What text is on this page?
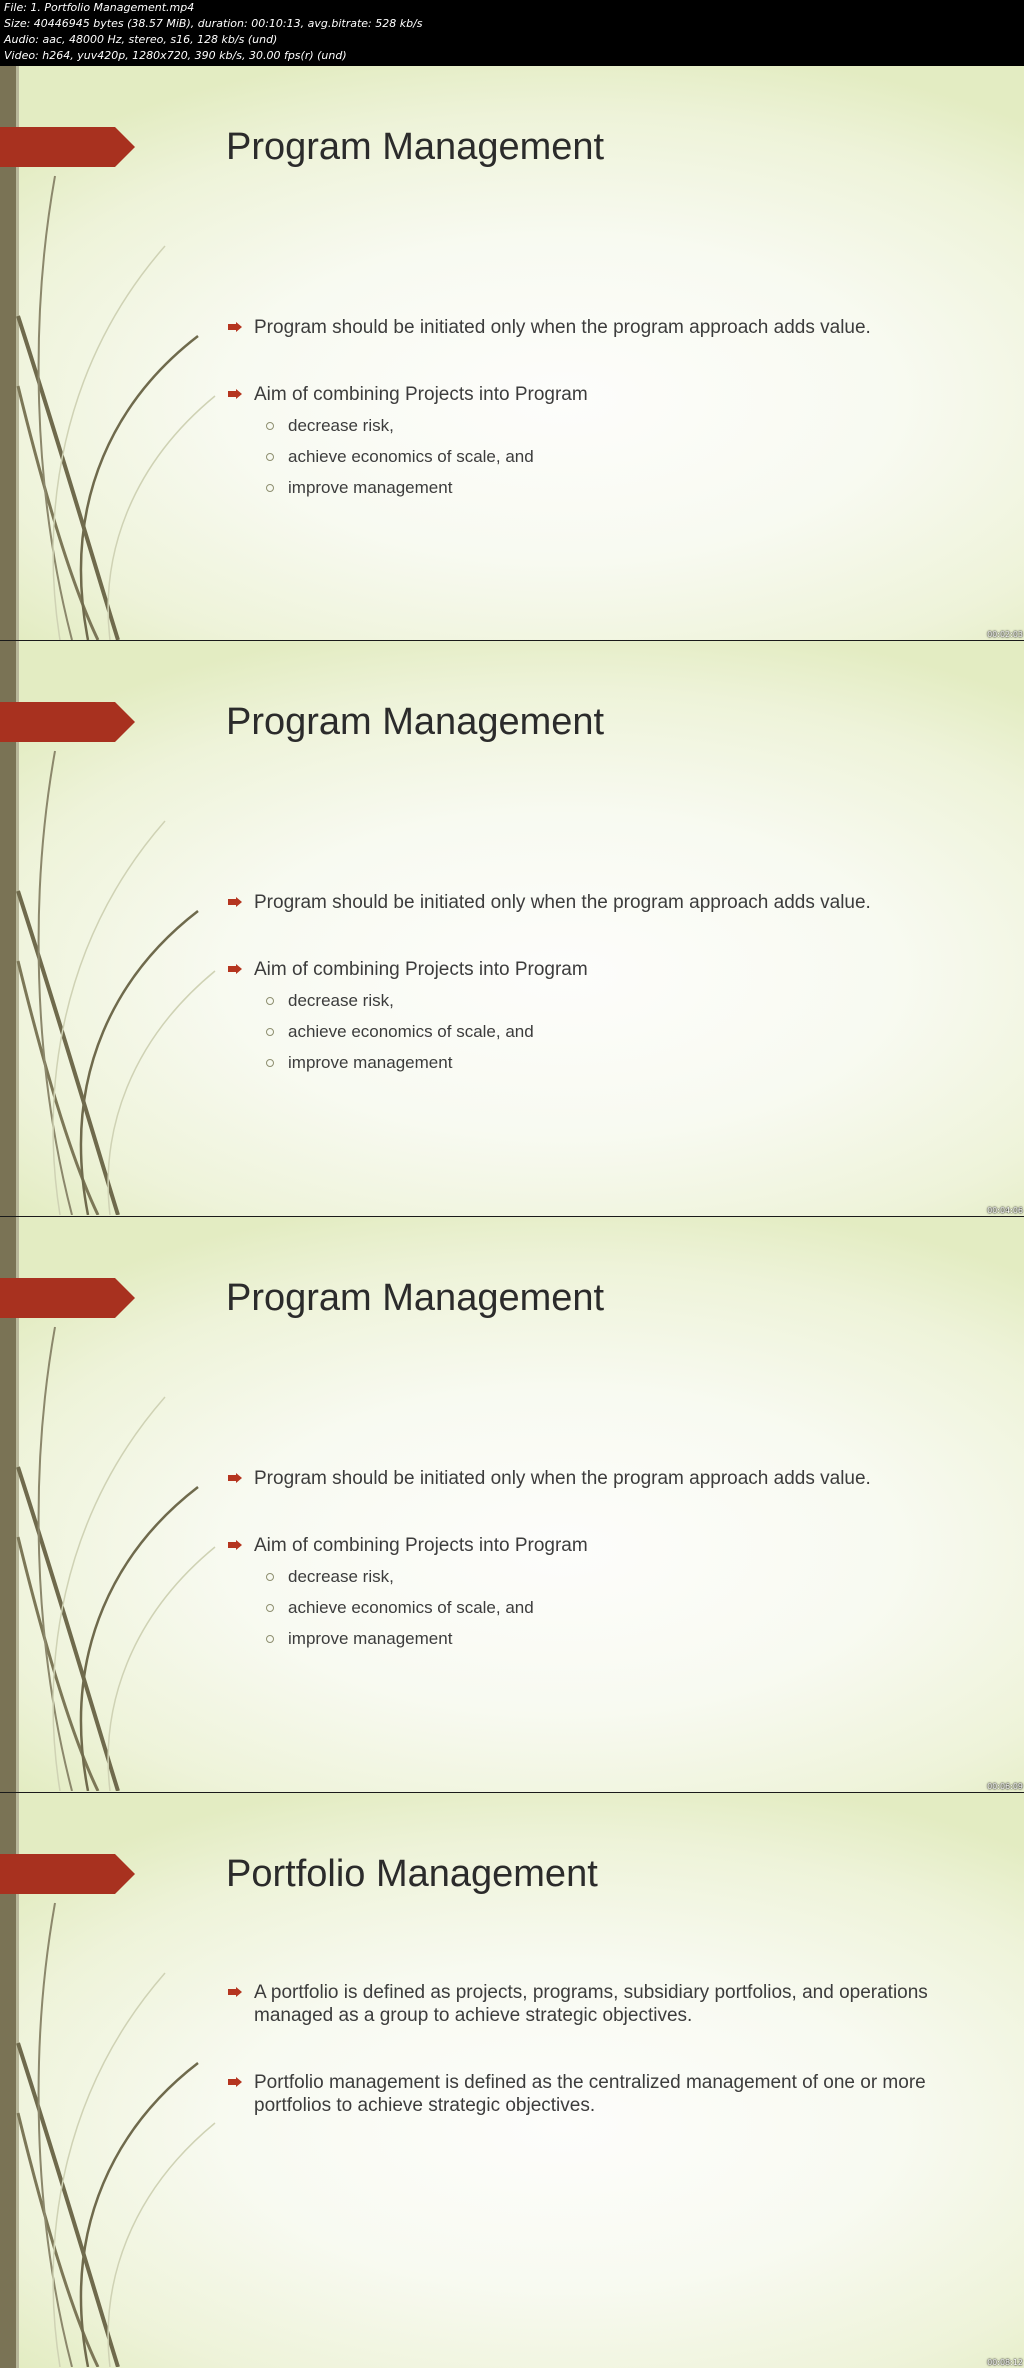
File: 1. Portfolio Management.mp4
Size: 40446945 bytes (38.57 MiB), duration: 00:10:13, avg.bitrate: 528 kb/s
Audio: aac, 48000 Hz, stereo, s16, 128 kb/s (und)
Video: h264, yuv420p, 1280x720, 390 kb/s, 30.00 fps(r) (und)
Program Management
Program should be initiated only when the program approach adds value.
Aim of combining Projects into Program
decrease risk,
achieve economics of scale, and
improve management
00:02:03
Program Management
Program should be initiated only when the program approach adds value.
Aim of combining Projects into Program
decrease risk,
achieve economics of scale, and
improve management
00:04:06
Program Management
Program should be initiated only when the program approach adds value.
Aim of combining Projects into Program
decrease risk,
achieve economics of scale, and
improve management
00:06:09
Portfolio Management
A portfolio is defined as projects, programs, subsidiary portfolios, and operations managed as a group to achieve strategic objectives.
Portfolio management is defined as the centralized management of one or more portfolios to achieve strategic objectives.
00:08:12
